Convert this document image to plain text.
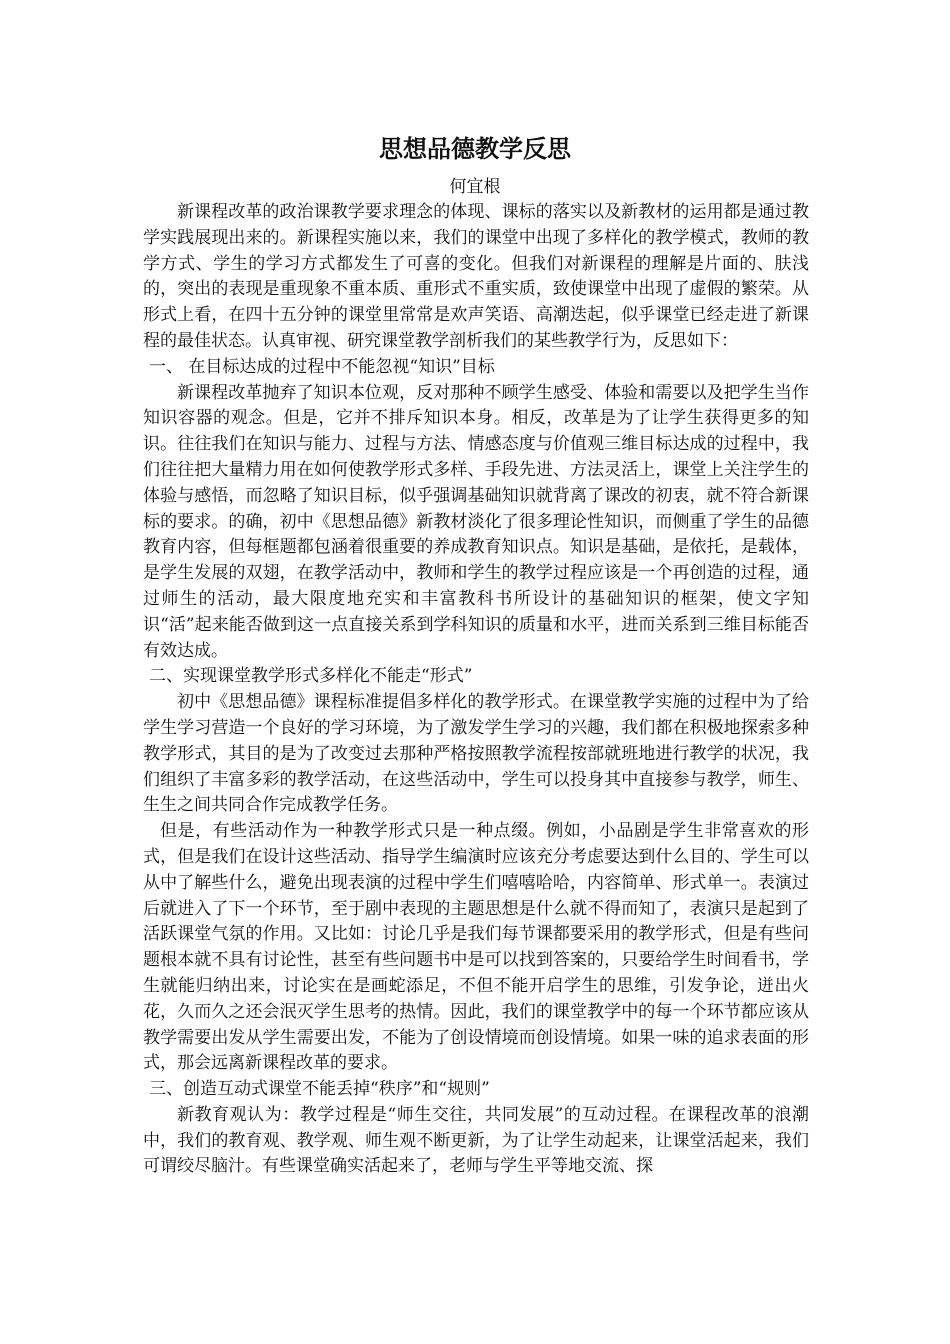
思想品德教学反思
何宜根

新课程改革的政治课教学要求理念的体现、课标的落实以及新教材的运用都是通过教学实践展现出来的。新课程实施以来，我们的课堂中出现了多样化的教学模式，教师的教学方式、学生的学习方式都发生了可喜的变化。但我们对新课程的理解是片面的、肤浅的，突出的表现是重现象不重本质、重形式不重实质，致使课堂中出现了虚假的繁荣。从形式上看，在四十五分钟的课堂里常常是欢声笑语、高潮迭起，似乎课堂已经走进了新课程的最佳状态。认真审视、研究课堂教学剖析我们的某些教学行为，反思如下：

一、 在目标达成的过程中不能忽视“知识”目标

新课程改革抛弃了知识本位观，反对那种不顾学生感受、体验和需要以及把学生当作知识容器的观念。但是，它并不排斥知识本身。相反，改革是为了让学生获得更多的知识。往往我们在知识与能力、过程与方法、情感态度与价值观三维目标达成的过程中，我们往往把大量精力用在如何使教学形式多样、手段先进、方法灵活上，课堂上关注学生的体验与感悟，而忽略了知识目标，似乎强调基础知识就背离了课改的初衷，就不符合新课标的要求。的确，初中《思想品德》新教材淡化了很多理论性知识，而侧重了学生的品德教育内容，但每框题都包涵着很重要的养成教育知识点。知识是基础，是依托，是载体，是学生发展的双翅，在教学活动中，教师和学生的教学过程应该是一个再创造的过程，通过师生的活动，最大限度地充实和丰富教科书所设计的基础知识的框架，使文字知识“活”起来能否做到这一点直接关系到学科知识的质量和水平，进而关系到三维目标能否有效达成。

二、实现课堂教学形式多样化不能走“形式”

初中《思想品德》课程标准提倡多样化的教学形式。在课堂教学实施的过程中为了给学生学习营造一个良好的学习环境，为了激发学生学习的兴趣，我们都在积极地探索多种教学形式，其目的是为了改变过去那种严格按照教学流程按部就班地进行教学的状况，我们组织了丰富多彩的教学活动，在这些活动中，学生可以投身其中直接参与教学，师生、生生之间共同合作完成教学任务。

但是，有些活动作为一种教学形式只是一种点缀。例如，小品剧是学生非常喜欢的形式，但是我们在设计这些活动、指导学生编演时应该充分考虑要达到什么目的、学生可以从中了解些什么，避免出现表演的过程中学生们嘻嘻哈哈，内容简单、形式单一。表演过后就进入了下一个环节，至于剧中表现的主题思想是什么就不得而知了，表演只是起到了活跃课堂气氛的作用。又比如：讨论几乎是我们每节课都要采用的教学形式，但是有些问题根本就不具有讨论性，甚至有些问题书中是可以找到答案的，只要给学生时间看书，学生就能归纳出来，讨论实在是画蛇添足，不但不能开启学生的思维，引发争论，迸出火花，久而久之还会泯灭学生思考的热情。因此，我们的课堂教学中的每一个环节都应该从教学需要出发从学生需要出发，不能为了创设情境而创设情境。如果一味的追求表面的形式，那会远离新课程改革的要求。

三、创造互动式课堂不能丢掉“秩序”和“规则”

新教育观认为：教学过程是“师生交往，共同发展”的互动过程。在课程改革的浪潮中，我们的教育观、教学观、师生观不断更新，为了让学生动起来，让课堂活起来，我们可谓绞尽脑汁。有些课堂确实活起来了，老师与学生平等地交流、探
